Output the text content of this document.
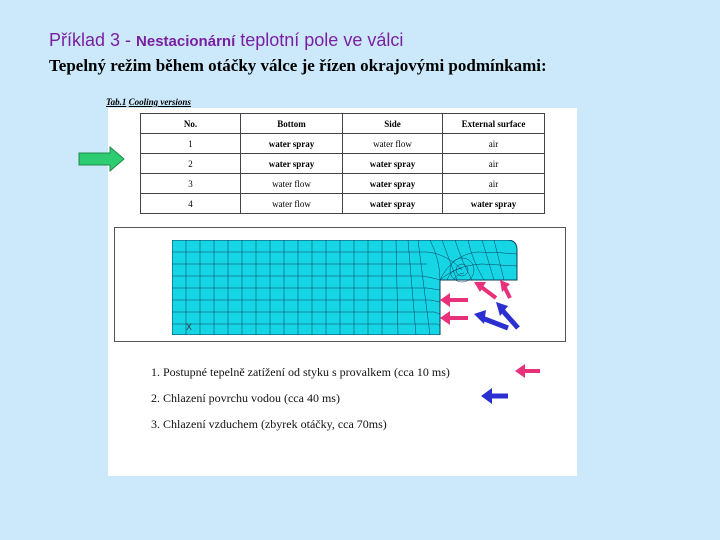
Příklad 3 - Nestacionární teplotní pole ve válci
Tepelný režim během otáčky válce je řízen okrajovými podmínkami:
Tab.1 Cooling versions
No.	Bottom	Side	External surface
1	water spray	water flow	air
2	water spray	water spray	air
3	water flow	water spray	air
4	water flow	water spray	water spray
X
1. Postupné tepelně zatížení od styku s provalkem (cca 10 ms)
2. Chlazení povrchu vodou (cca 40 ms)
3. Chlazení vzduchem (zbyrek otáčky, cca 70ms)
